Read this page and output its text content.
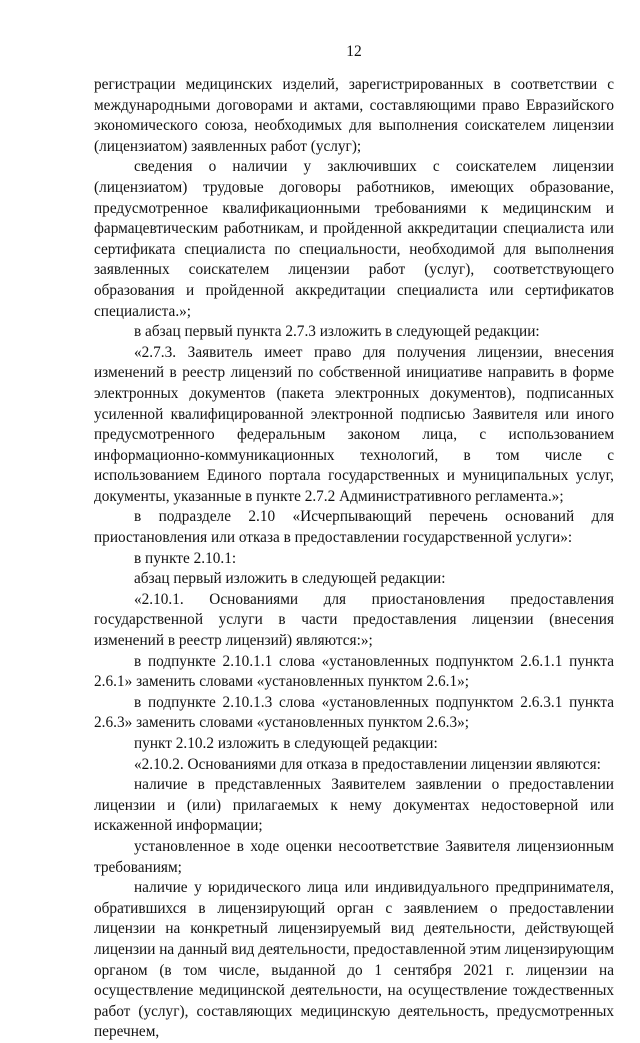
12

регистрации медицинских изделий, зарегистрированных в соответствии с международными договорами и актами, составляющими право Евразийского экономического союза, необходимых для выполнения соискателем лицензии (лицензиатом) заявленных работ (услуг);

сведения о наличии у заключивших с соискателем лицензии (лицензиатом) трудовые договоры работников, имеющих образование, предусмотренное квалификационными требованиями к медицинским и фармацевтическим работникам, и пройденной аккредитации специалиста или сертификата специалиста по специальности, необходимой для выполнения заявленных соискателем лицензии работ (услуг), соответствующего образования и пройденной аккредитации специалиста или сертификатов специалиста.»;

в абзац первый пункта 2.7.3 изложить в следующей редакции:

«2.7.3. Заявитель имеет право для получения лицензии, внесения изменений в реестр лицензий по собственной инициативе направить в форме электронных документов (пакета электронных документов), подписанных усиленной квалифицированной электронной подписью Заявителя или иного предусмотренного федеральным законом лица, с использованием информационно-коммуникационных технологий, в том числе с использованием Единого портала государственных и муниципальных услуг, документы, указанные в пункте 2.7.2 Административного регламента.»;

в подразделе 2.10 «Исчерпывающий перечень оснований для приостановления или отказа в предоставлении государственной услуги»:

в пункте 2.10.1:

абзац первый изложить в следующей редакции:

«2.10.1. Основаниями для приостановления предоставления государственной услуги в части предоставления лицензии (внесения изменений в реестр лицензий) являются:»;

в подпункте 2.10.1.1 слова «установленных подпунктом 2.6.1.1 пункта 2.6.1» заменить словами «установленных пунктом 2.6.1»;

в подпункте 2.10.1.3 слова «установленных подпунктом 2.6.3.1 пункта 2.6.3» заменить словами «установленных пунктом 2.6.3»;

пункт 2.10.2 изложить в следующей редакции:

«2.10.2. Основаниями для отказа в предоставлении лицензии являются:

наличие в представленных Заявителем заявлении о предоставлении лицензии и (или) прилагаемых к нему документах недостоверной или искаженной информации;

установленное в ходе оценки несоответствие Заявителя лицензионным требованиям;

наличие у юридического лица или индивидуального предпринимателя, обратившихся в лицензирующий орган с заявлением о предоставлении лицензии на конкретный лицензируемый вид деятельности, действующей лицензии на данный вид деятельности, предоставленной этим лицензирующим органом (в том числе, выданной до 1 сентября 2021 г. лицензии на осуществление медицинской деятельности, на осуществление тождественных работ (услуг), составляющих медицинскую деятельность, предусмотренных перечнем,
